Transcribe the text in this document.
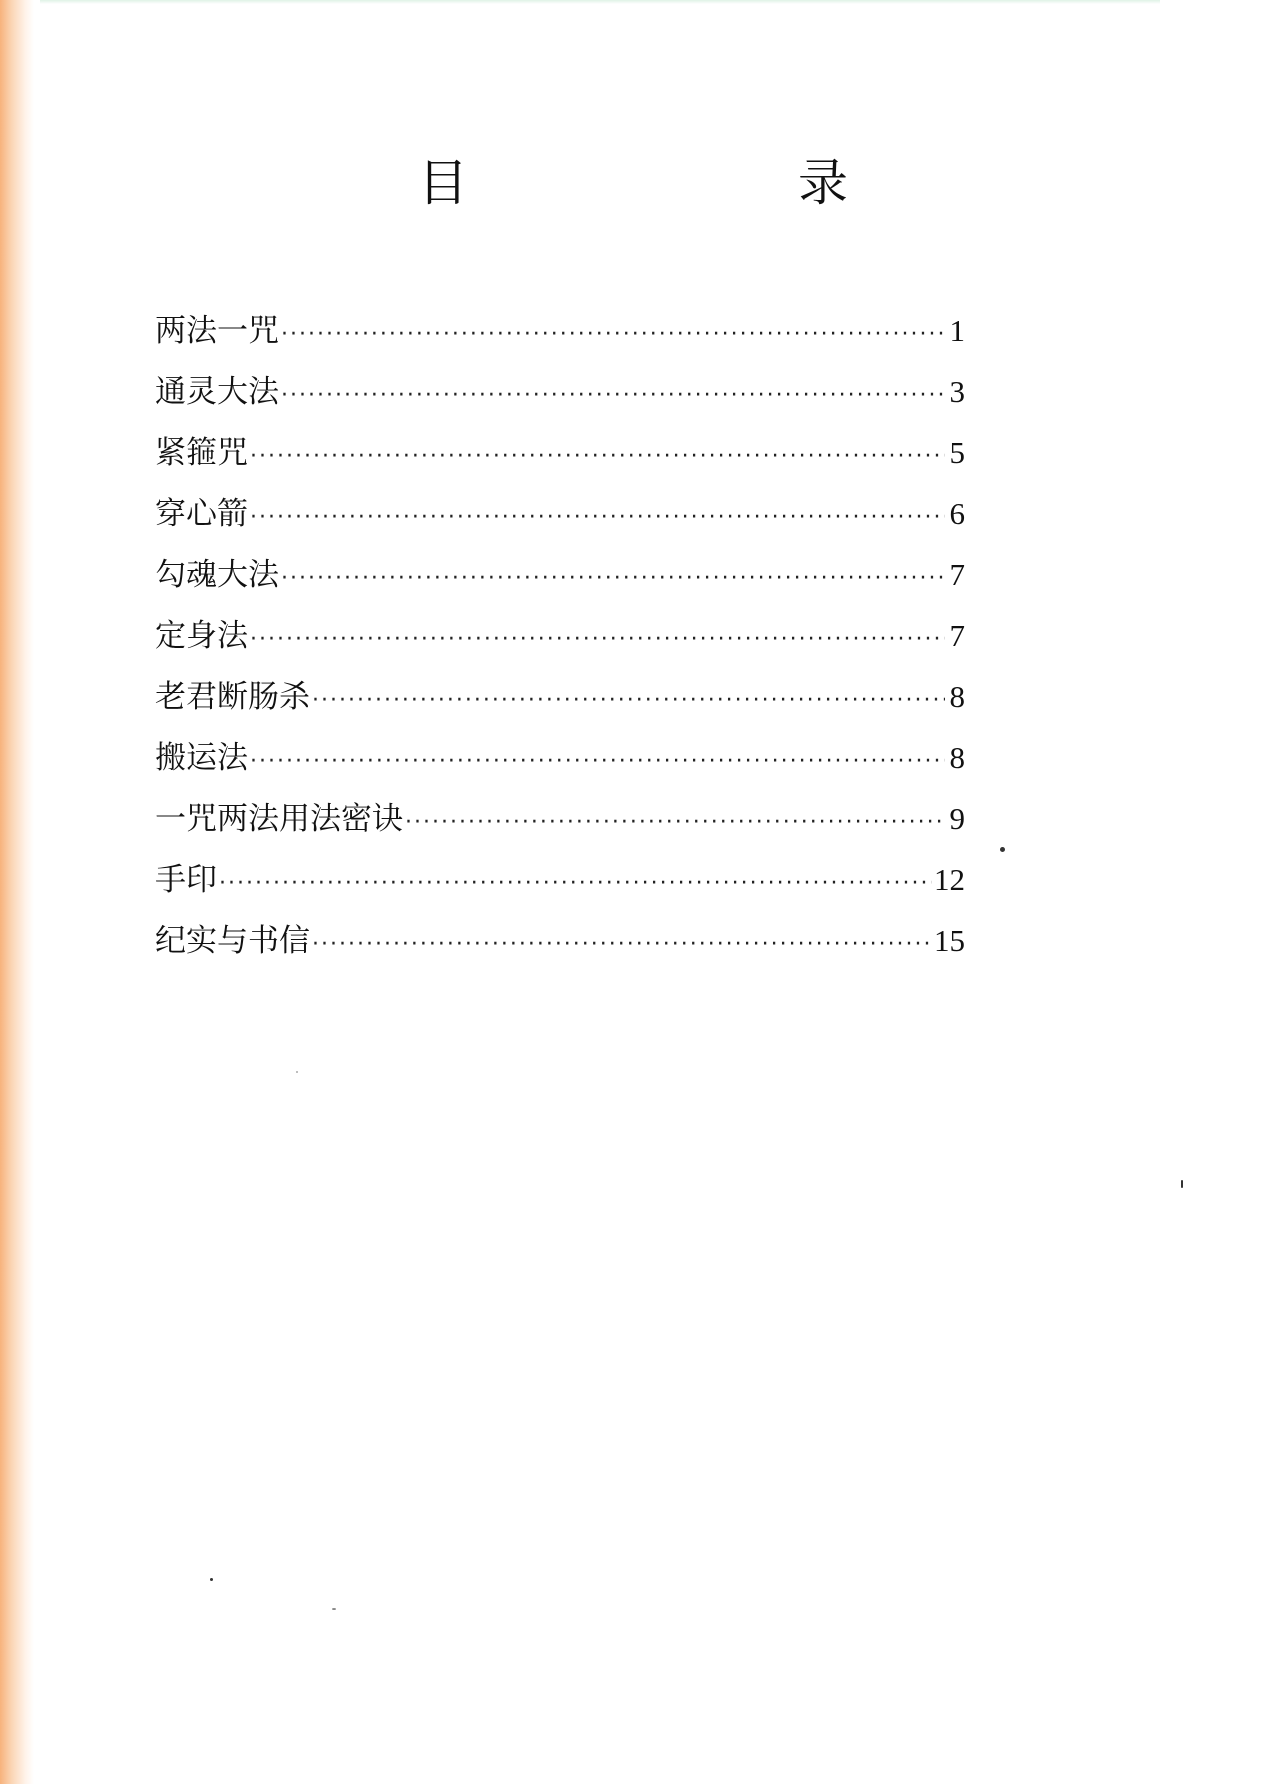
目　录
两法一咒 ·····	1
通灵大法 ·····	3
紧箍咒 ·····	5
穿心箭 ·····	6
勾魂大法 ·····	7
定身法 ·····	7
老君断肠杀 ·····	8
搬运法 ·····	8
一咒两法用法密诀 ·····	9
手印 ·····	12
纪实与书信 ·····	15
